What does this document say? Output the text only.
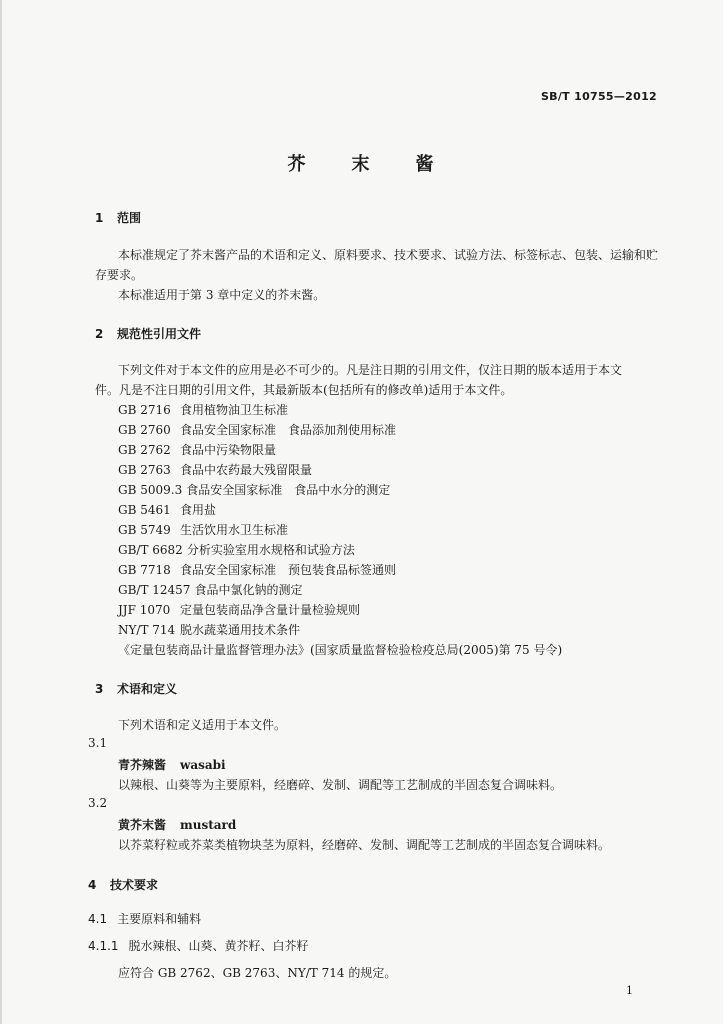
SB/T 10755—2012
芥 末 酱
1 范围
本标准规定了芥末酱产品的术语和定义、原料要求、技术要求、试验方法、标签标志、包装、运输和贮
存要求。
本标准适用于第 3 章中定义的芥末酱。
2 规范性引用文件
下列文件对于本文件的应用是必不可少的。凡是注日期的引用文件，仅注日期的版本适用于本文
件。凡是不注日期的引用文件，其最新版本(包括所有的修改单)适用于本文件。
GB 2716 食用植物油卫生标准
GB 2760 食品安全国家标准　食品添加剂使用标准
GB 2762 食品中污染物限量
GB 2763 食品中农药最大残留限量
GB 5009.3 食品安全国家标准　食品中水分的测定
GB 5461 食用盐
GB 5749 生活饮用水卫生标准
GB/T 6682 分析实验室用水规格和试验方法
GB 7718 食品安全国家标准　预包装食品标签通则
GB/T 12457 食品中氯化钠的测定
JJF 1070 定量包装商品净含量计量检验规则
NY/T 714 脱水蔬菜通用技术条件
《定量包装商品计量监督管理办法》(国家质量监督检验检疫总局(2005)第 75 号令)
3 术语和定义
下列术语和定义适用于本文件。
3.1
青芥辣酱 wasabi
以辣根、山葵等为主要原料，经磨碎、发制、调配等工艺制成的半固态复合调味料。
3.2
黄芥末酱 mustard
以芥菜籽粒或芥菜类植物块茎为原料，经磨碎、发制、调配等工艺制成的半固态复合调味料。
4 技术要求
4.1 主要原料和辅料
4.1.1 脱水辣根、山葵、黄芥籽、白芥籽
应符合 GB 2762、GB 2763、NY/T 714 的规定。
1
